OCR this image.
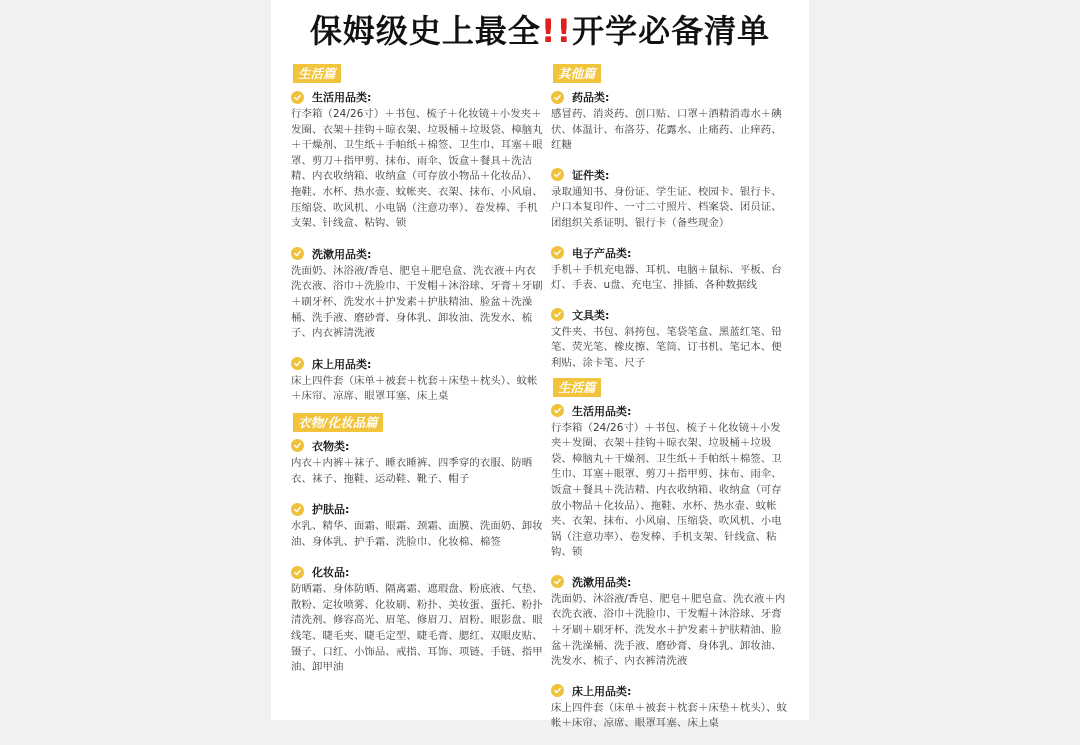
保姆级史上最全!!开学必备清单
生活篇
生活用品类:
行李箱（24/26寸）＋书包、梳子＋化妆镜＋小发夹＋发圈、衣架＋挂钩＋晾衣架、垃圾桶＋垃圾袋、樟脑丸＋干燥剂、卫生纸＋手帕纸＋棉签、卫生巾、耳塞＋眼罩、剪刀＋指甲剪、抹布、雨伞、饭盒＋餐具＋洗洁精、内衣收纳箱、收纳盒（可存放小物品＋化妆品）、拖鞋、水杯、热水壶、蚊帐夹、衣架、抹布、小风扇、压缩袋、吹风机、小电锅（注意功率）、卷发棒、手机支架、针线盒、粘钩、锁
洗漱用品类:
洗面奶、沐浴液/香皂、肥皂＋肥皂盒、洗衣液＋内衣洗衣液、浴巾＋洗脸巾、干发帽＋沐浴球、牙膏＋牙刷＋刷牙杯、洗发水＋护发素＋护肤精油、脸盆＋洗澡桶、洗手液、磨砂膏、身体乳、卸妆油、洗发水、梳子、内衣裤清洗液
床上用品类:
床上四件套（床单＋被套＋枕套＋床垫＋枕头）、蚊帐＋床帘、凉席、眼罩耳塞、床上桌
衣物/化妆品篇
衣物类:
内衣＋内裤＋袜子、睡衣睡裤、四季穿的衣服、防晒衣、袜子、拖鞋、运动鞋、靴子、帽子
护肤品:
水乳、精华、面霜、眼霜、颈霜、面膜、洗面奶、卸妆油、身体乳、护手霜、洗脸巾、化妆棉、棉签
化妆品:
防晒霜、身体防晒、隔离霜、遮瑕盘、粉底液、气垫、散粉、定妆喷雾、化妆刷、粉扑、美妆蛋、蛋托、粉扑清洗剂、修容高光、眉笔、修眉刀、眉粉、眼影盘、眼线笔、睫毛夹、睫毛定型、睫毛膏、腮红、双眼皮贴、镊子、口红、小饰品、戒指、耳饰、项链、手链、指甲油、卸甲油
其他篇
药品类:
感冒药、消炎药、创口贴、口罩＋酒精消毒水＋碘伏、体温计、布洛芬、花露水、止痛药、止痒药、红糖
证件类:
录取通知书、身份证、学生证、校园卡、银行卡、户口本复印件、一寸二寸照片、档案袋、团员证、团组织关系证明、银行卡（备些现金）
电子产品类:
手机＋手机充电器、耳机、电脑＋鼠标、平板、台灯、手表、u盘、充电宝、排插、各种数据线
文具类:
文件夹、书包、斜挎包、笔袋笔盒、黑蓝红笔、铅笔、荧光笔、橡皮擦、笔筒、订书机、笔记本、便利贴、涂卡笔、尺子
生活篇
生活用品类:
行李箱（24/26寸）＋书包、梳子＋化妆镜＋小发夹＋发圈、衣架＋挂钩＋晾衣架、垃圾桶＋垃圾袋、樟脑丸＋干燥剂、卫生纸＋手帕纸＋棉签、卫生巾、耳塞＋眼罩、剪刀＋指甲剪、抹布、雨伞、饭盒＋餐具＋洗洁精、内衣收纳箱、收纳盒（可存放小物品＋化妆品）、拖鞋、水杯、热水壶、蚊帐夹、衣架、抹布、小风扇、压缩袋、吹风机、小电锅（注意功率）、卷发棒、手机支架、针线盒、粘钩、锁
洗漱用品类:
洗面奶、沐浴液/香皂、肥皂＋肥皂盒、洗衣液＋内衣洗衣液、浴巾＋洗脸巾、干发帽＋沐浴球、牙膏＋牙刷＋刷牙杯、洗发水＋护发素＋护肤精油、脸盆＋洗澡桶、洗手液、磨砂膏、身体乳、卸妆油、洗发水、梳子、内衣裤清洗液
床上用品类:
床上四件套（床单＋被套＋枕套＋床垫＋枕头）、蚊帐＋床帘、凉席、眼罩耳塞、床上桌
